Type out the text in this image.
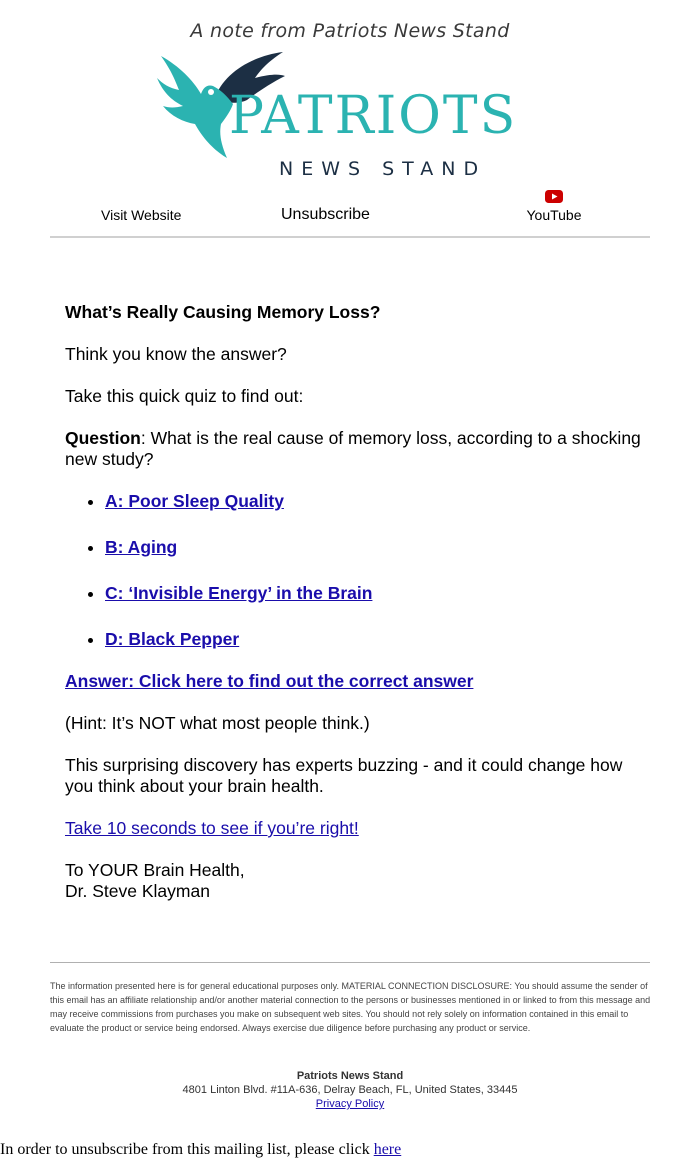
A note from Patriots News Stand
PATRIOTS
NEWS STAND
Visit Website	Unsubscribe	YouTube

What’s Really Causing Memory Loss?

Think you know the answer?

Take this quick quiz to find out:

Question: What is the real cause of memory loss, according to a shocking new study?

• A: Poor Sleep Quality
• B: Aging
• C: ‘Invisible Energy’ in the Brain
• D: Black Pepper

Answer: Click here to find out the correct answer

(Hint: It’s NOT what most people think.)

This surprising discovery has experts buzzing - and it could change how you think about your brain health.

Take 10 seconds to see if you’re right!

To YOUR Brain Health,
Dr. Steve Klayman

The information presented here is for general educational purposes only. MATERIAL CONNECTION DISCLOSURE: You should assume the sender of this email has an affiliate relationship and/or another material connection to the persons or businesses mentioned in or linked to from this message and may receive commissions from purchases you make on subsequent web sites. You should not rely solely on information contained in this email to evaluate the product or service being endorsed. Always exercise due diligence before purchasing any product or service.
Patriots News Stand
4801 Linton Blvd. #11A-636, Delray Beach, FL, United States, 33445
Privacy Policy
In order to unsubscribe from this mailing list, please click here
